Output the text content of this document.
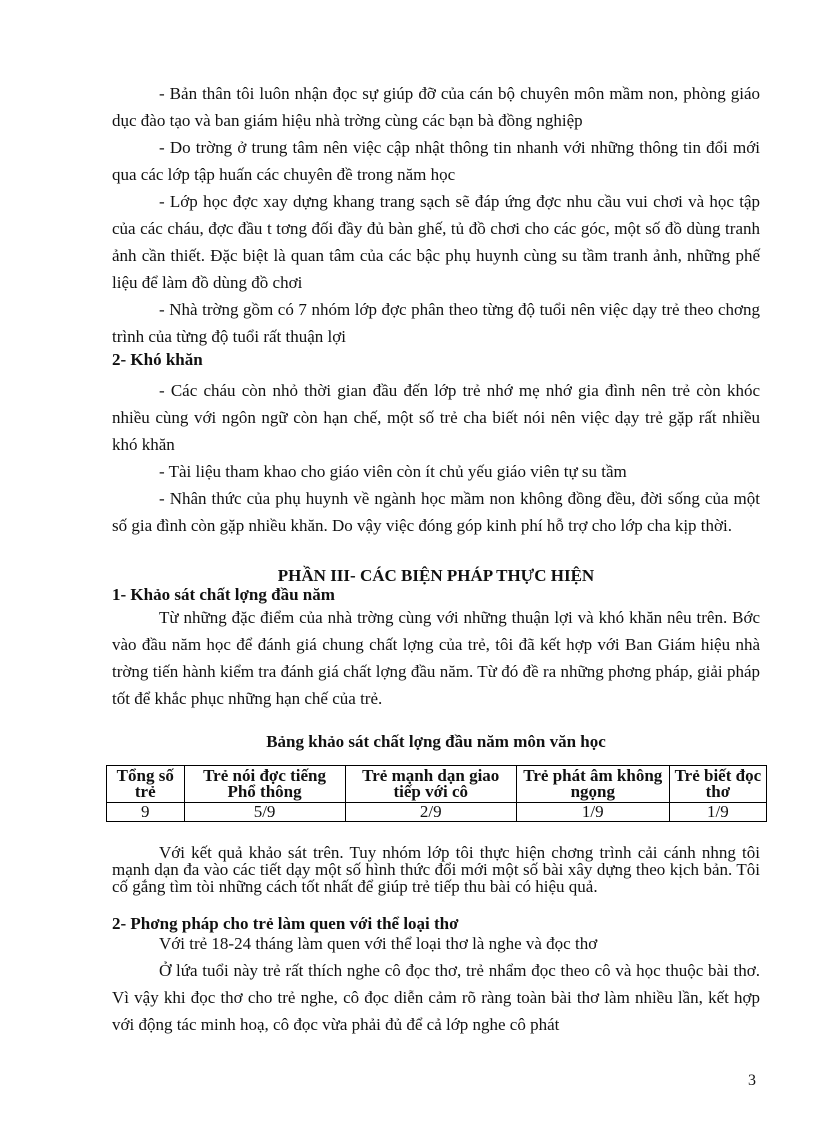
- Bản thân tôi luôn nhận đọc sự giúp đỡ của cán bộ chuyên môn mầm non, phòng giáo dục đào tạo và ban giám hiệu nhà trờng cùng các bạn bà đồng nghiệp

- Do trờng ở trung tâm nên việc cập nhật thông tin nhanh với những thông tin đổi mới qua các lớp tập huấn các chuyên đề trong năm học

- Lớp học đợc xay dựng khang trang sạch sẽ đáp ứng đợc nhu cầu vui chơi và học tập của các cháu, đợc đầu t tơng đối đầy đủ bàn ghế, tủ đồ chơi cho các góc, một số đồ dùng tranh ảnh cần thiết. Đặc biệt là quan tâm của các bậc phụ huynh cùng su tầm tranh ảnh, những phế liệu để làm đồ dùng đồ chơi

- Nhà trờng gồm có 7 nhóm lớp đợc phân theo từng độ tuổi nên việc dạy trẻ theo chơng trình của từng độ tuổi rất thuận lợi

2- Khó khăn

- Các cháu còn nhỏ thời gian đầu đến lớp trẻ nhớ mẹ nhớ gia đình nên trẻ còn khóc nhiều cùng với ngôn ngữ còn hạn chế, một số trẻ cha biết nói nên việc dạy trẻ gặp rất nhiều khó khăn

- Tài liệu tham khao cho giáo viên còn ít chủ yếu giáo viên tự su tầm

- Nhân thức của phụ huynh về ngành học mầm non không đồng đều, đời sống của một số gia đình còn gặp nhiều khăn. Do vậy việc đóng góp kinh phí hỗ trợ cho lớp cha kịp thời.

PHẦN III- CÁC BIỆN PHÁP THỰC HIỆN

1- Khảo sát chất lợng đầu năm

Từ những đặc điểm của nhà trờng cùng với những thuận lợi và khó khăn nêu trên. Bớc vào đầu năm học để đánh giá chung chất lợng của trẻ, tôi đã kết hợp với Ban Giám hiệu nhà trờng tiến hành kiểm tra đánh giá chất lợng đầu năm. Từ đó đề ra những phơng pháp, giải pháp tốt để khắc phục những hạn chế của trẻ.

Bảng khảo sát chất lợng đầu năm môn văn học

Tổng số trẻ	Trẻ nói đợc tiếng Phổ thông	Trẻ mạnh dạn giao tiếp với cô	Trẻ phát âm không ngọng	Trẻ biết đọc thơ
9	5/9	2/9	1/9	1/9

Với kết quả khảo sát trên. Tuy nhóm lớp tôi thực hiện chơng trình cải cánh nhng tôi mạnh dạn đa vào các tiết dạy một số hình thức đổi mới một số bài xây dựng theo kịch bản. Tôi cố gắng tìm tòi những cách tốt nhất để giúp trẻ tiếp thu bài có hiệu quả.

2- Phơng pháp cho trẻ làm quen với thể loại thơ

Với trẻ 18-24 tháng làm quen với thể loại thơ là nghe và đọc thơ

Ở lứa tuổi này trẻ rất thích nghe cô đọc thơ, trẻ nhẩm đọc theo cô và học thuộc bài thơ. Vì vậy khi đọc thơ cho trẻ nghe, cô đọc diễn cảm rõ ràng toàn bài thơ làm nhiều lần, kết hợp với động tác minh hoạ, cô đọc vừa phải đủ để cả lớp nghe cô phát

3
